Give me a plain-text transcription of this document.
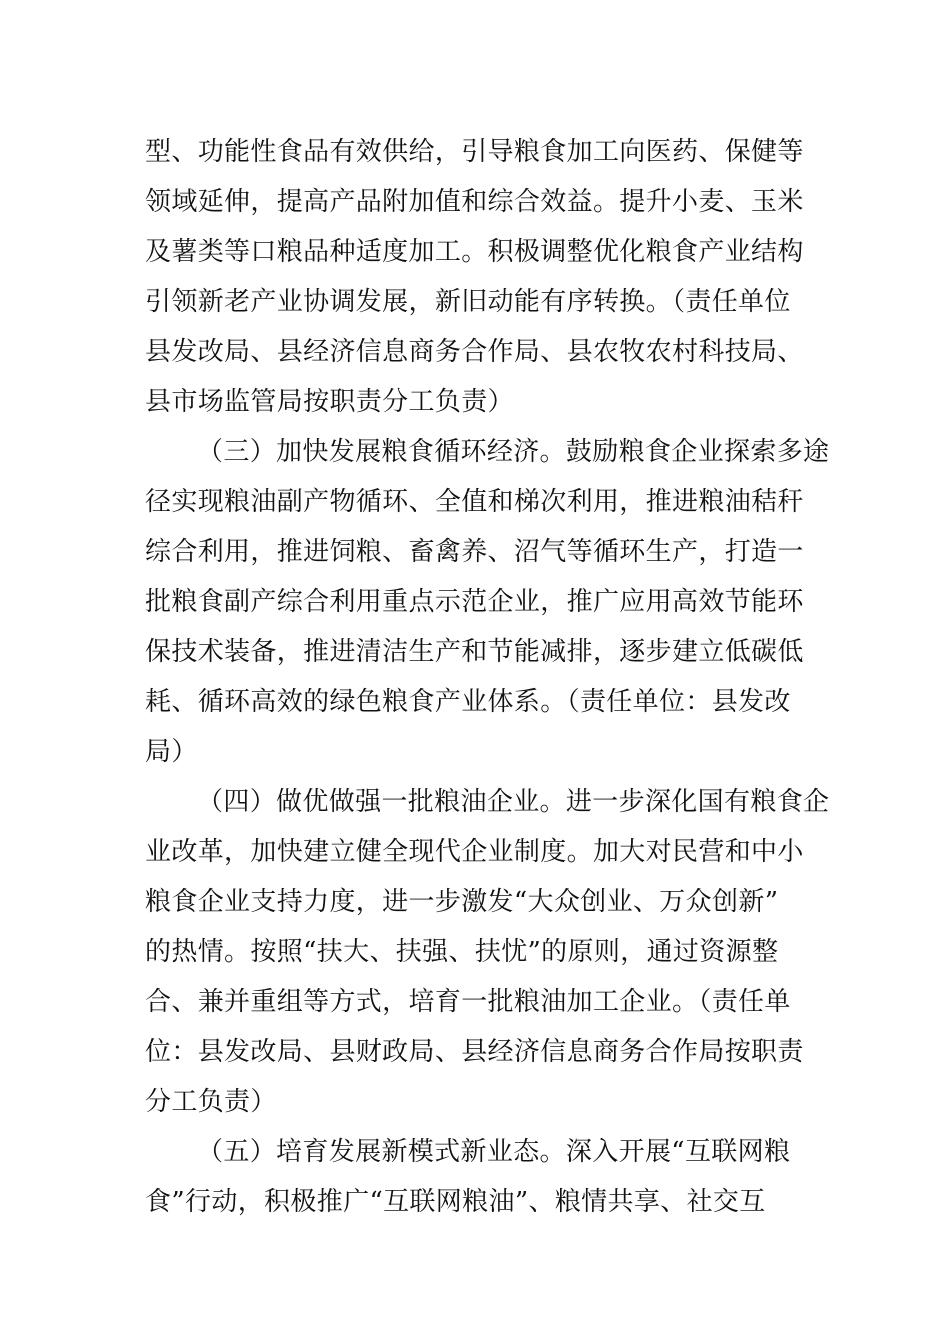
型、功能性食品有效供给，引导粮食加工向医药、保健等
领域延伸，提高产品附加值和综合效益。提升小麦、玉米
及薯类等口粮品种适度加工。积极调整优化粮食产业结构
引领新老产业协调发展，新旧动能有序转换。（责任单位
县发改局、县经济信息商务合作局、县农牧农村科技局、
县市场监管局按职责分工负责）
（三）加快发展粮食循环经济。鼓励粮食企业探索多途
径实现粮油副产物循环、全值和梯次利用，推进粮油秸秆
综合利用，推进饲粮、畜禽养、沼气等循环生产，打造一
批粮食副产综合利用重点示范企业，推广应用高效节能环
保技术装备，推进清洁生产和节能减排，逐步建立低碳低
耗、循环高效的绿色粮食产业体系。（责任单位：县发改
局）
（四）做优做强一批粮油企业。进一步深化国有粮食企
业改革，加快建立健全现代企业制度。加大对民营和中小
粮食企业支持力度，进一步激发“大众创业、万众创新”
的热情。按照“扶大、扶强、扶忧”的原则，通过资源整
合、兼并重组等方式，培育一批粮油加工企业。（责任单
位：县发改局、县财政局、县经济信息商务合作局按职责
分工负责）
（五）培育发展新模式新业态。深入开展“互联网粮
食”行动，积极推广“互联网粮油”、粮情共享、社交互
